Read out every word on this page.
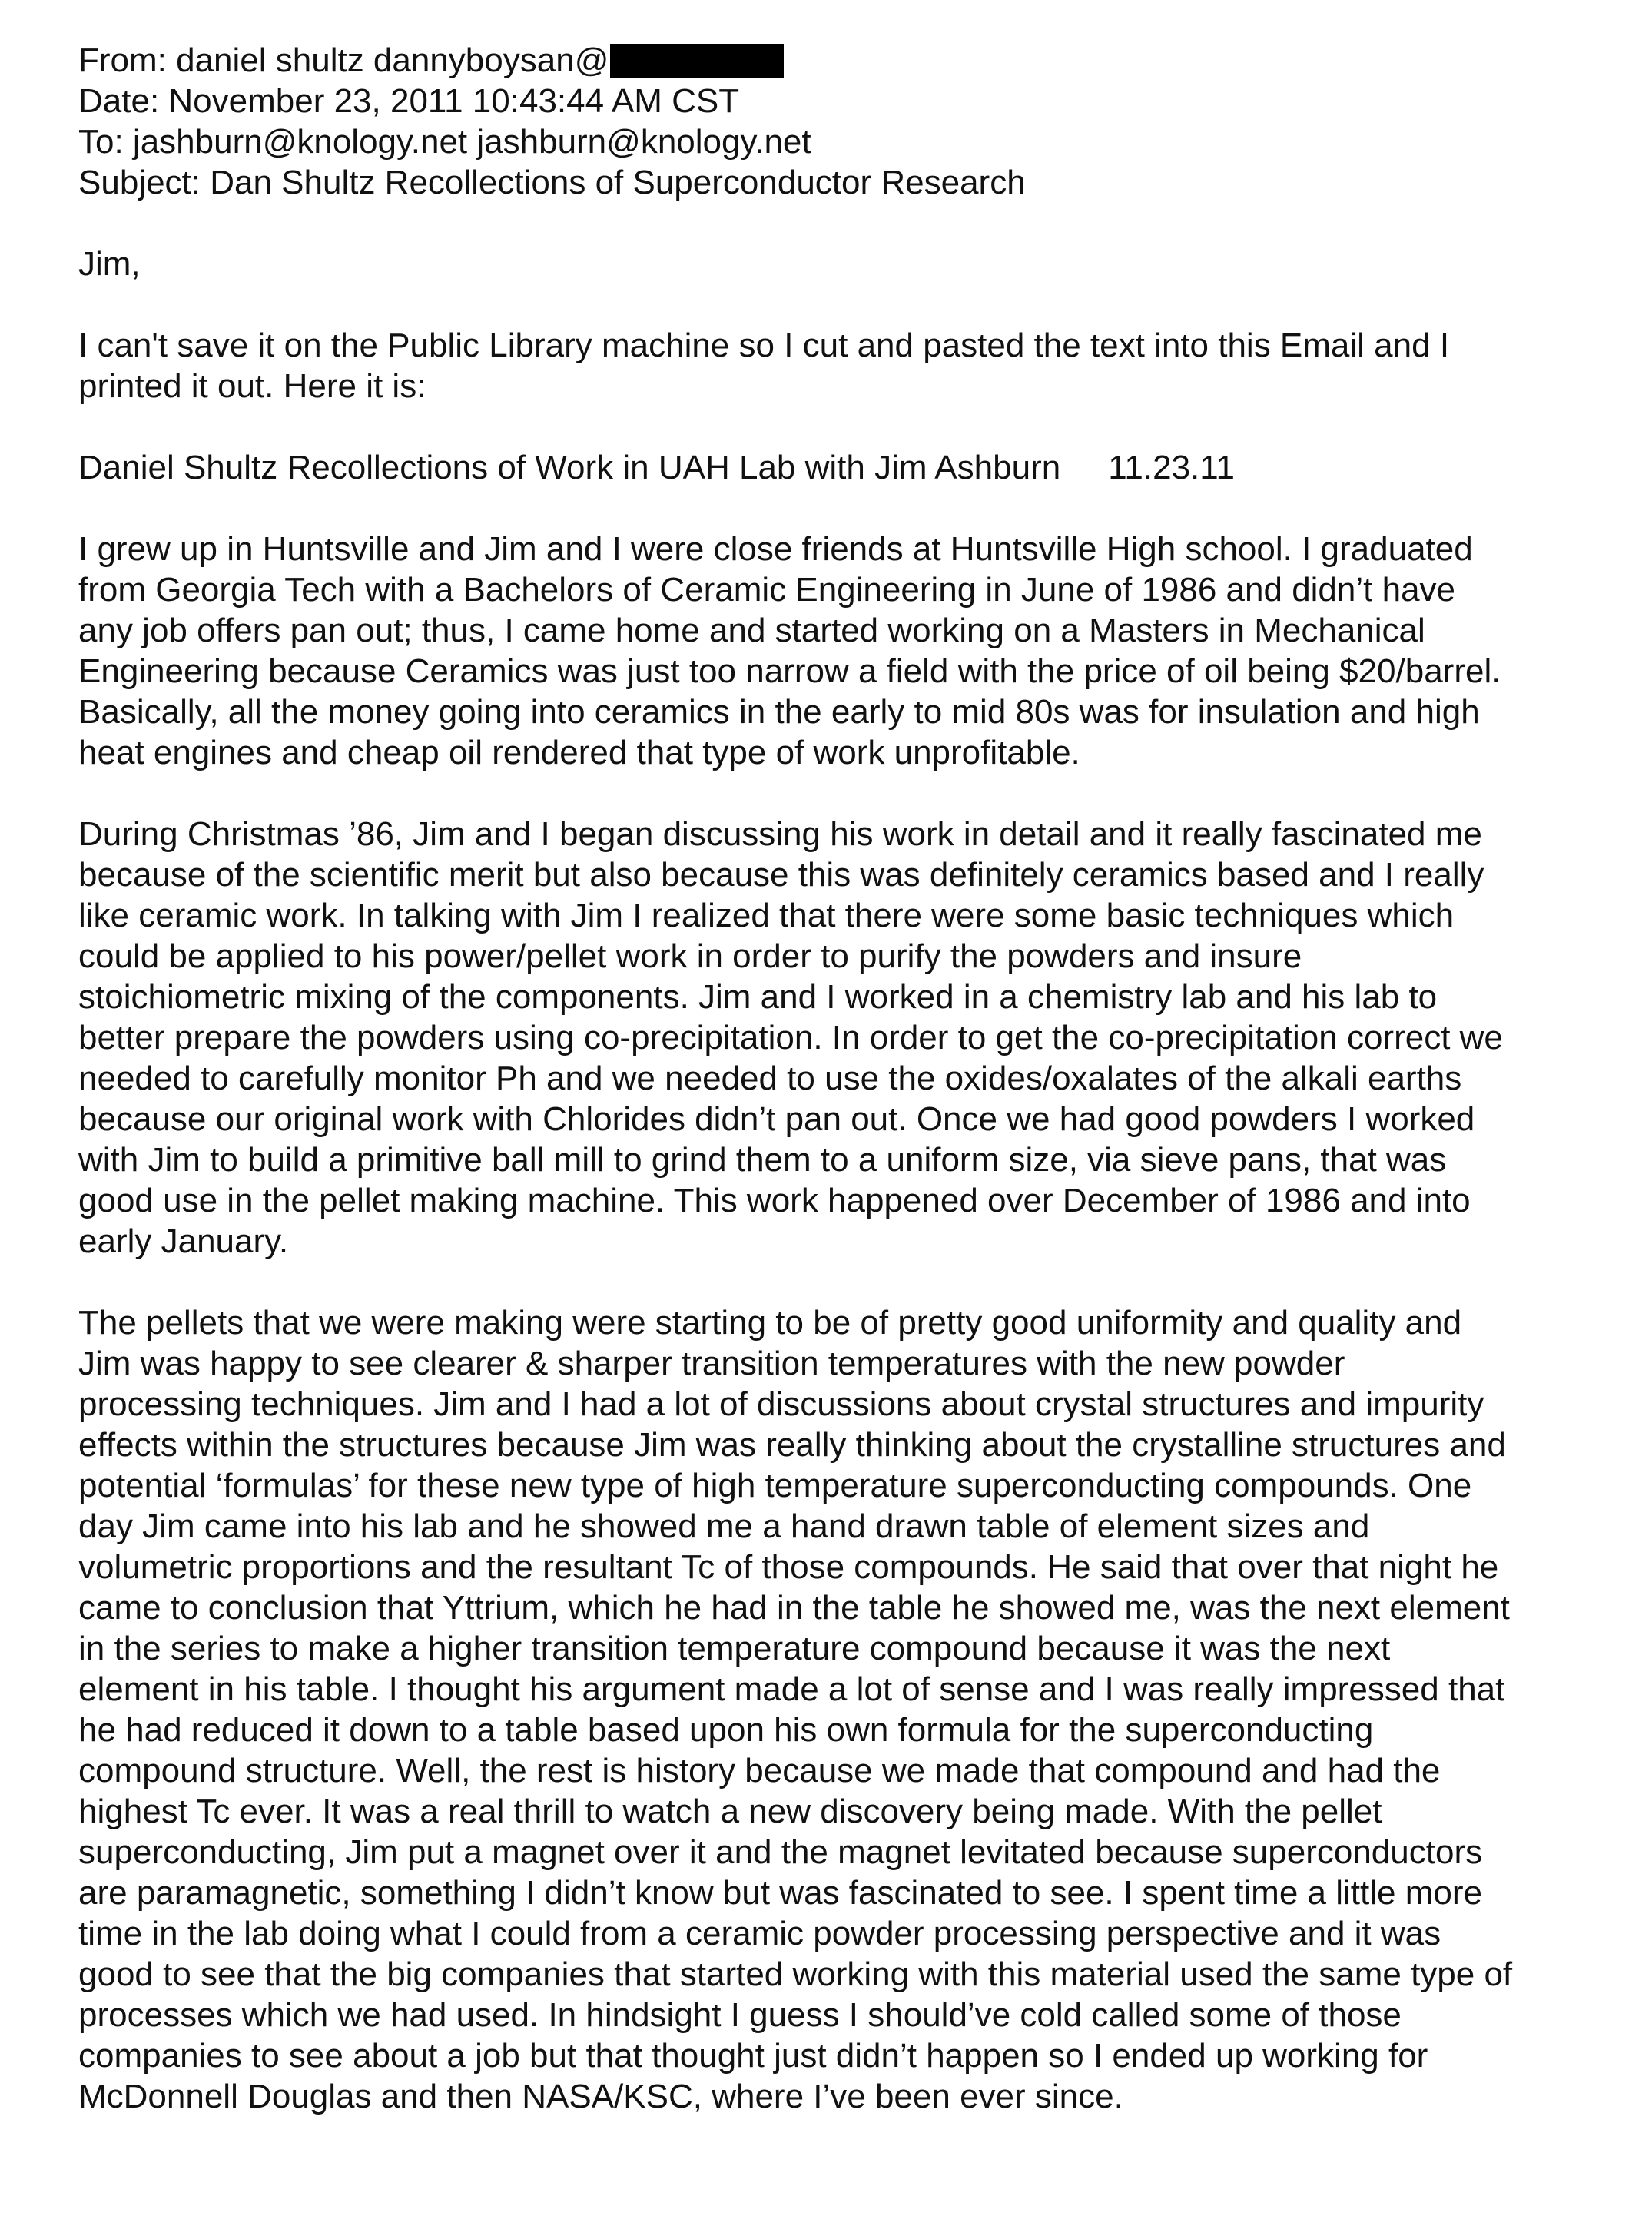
From: daniel shultz dannyboysan@
Date: November 23, 2011 10:43:44 AM CST
To: jashburn@knology.net jashburn@knology.net
Subject: Dan Shultz Recollections of Superconductor Research
Jim,
I can't save it on the Public Library machine so I cut and pasted the text into this Email and I
printed it out. Here it is:
Daniel Shultz Recollections of Work in UAH Lab with Jim Ashburn 11.23.11
I grew up in Huntsville and Jim and I were close friends at Huntsville High school. I graduated
from Georgia Tech with a Bachelors of Ceramic Engineering in June of 1986 and didn’t have
any job offers pan out; thus, I came home and started working on a Masters in Mechanical
Engineering because Ceramics was just too narrow a field with the price of oil being $20/barrel.
Basically, all the money going into ceramics in the early to mid 80s was for insulation and high
heat engines and cheap oil rendered that type of work unprofitable.
During Christmas ’86, Jim and I began discussing his work in detail and it really fascinated me
because of the scientific merit but also because this was definitely ceramics based and I really
like ceramic work. In talking with Jim I realized that there were some basic techniques which
could be applied to his power/pellet work in order to purify the powders and insure
stoichiometric mixing of the components. Jim and I worked in a chemistry lab and his lab to
better prepare the powders using co-precipitation. In order to get the co-precipitation correct we
needed to carefully monitor Ph and we needed to use the oxides/oxalates of the alkali earths
because our original work with Chlorides didn’t pan out. Once we had good powders I worked
with Jim to build a primitive ball mill to grind them to a uniform size, via sieve pans, that was
good use in the pellet making machine. This work happened over December of 1986 and into
early January.
The pellets that we were making were starting to be of pretty good uniformity and quality and
Jim was happy to see clearer & sharper transition temperatures with the new powder
processing techniques. Jim and I had a lot of discussions about crystal structures and impurity
effects within the structures because Jim was really thinking about the crystalline structures and
potential ‘formulas’ for these new type of high temperature superconducting compounds. One
day Jim came into his lab and he showed me a hand drawn table of element sizes and
volumetric proportions and the resultant Tc of those compounds. He said that over that night he
came to conclusion that Yttrium, which he had in the table he showed me, was the next element
in the series to make a higher transition temperature compound because it was the next
element in his table. I thought his argument made a lot of sense and I was really impressed that
he had reduced it down to a table based upon his own formula for the superconducting
compound structure. Well, the rest is history because we made that compound and had the
highest Tc ever. It was a real thrill to watch a new discovery being made. With the pellet
superconducting, Jim put a magnet over it and the magnet levitated because superconductors
are paramagnetic, something I didn’t know but was fascinated to see. I spent time a little more
time in the lab doing what I could from a ceramic powder processing perspective and it was
good to see that the big companies that started working with this material used the same type of
processes which we had used. In hindsight I guess I should’ve cold called some of those
companies to see about a job but that thought just didn’t happen so I ended up working for
McDonnell Douglas and then NASA/KSC, where I’ve been ever since.
